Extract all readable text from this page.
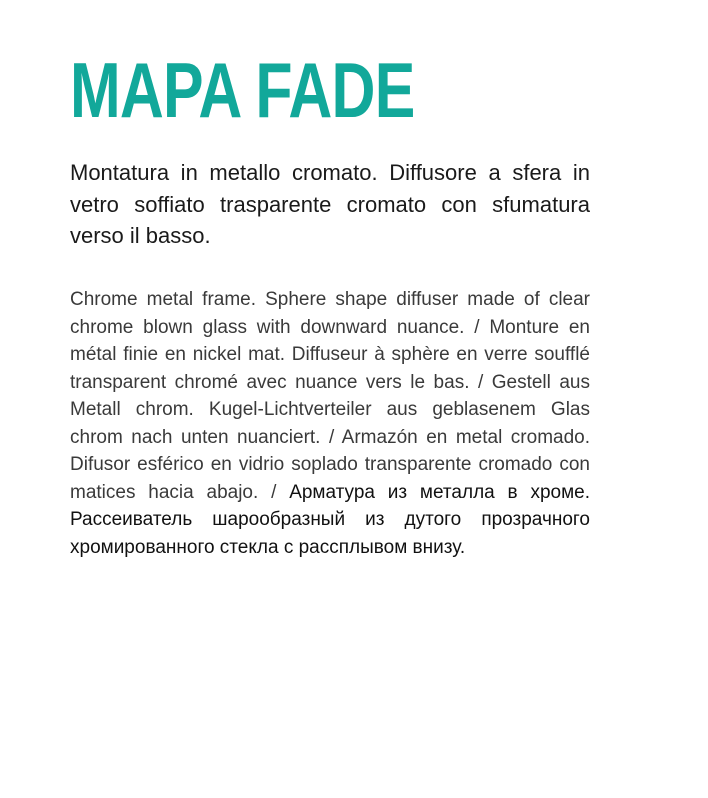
MAPA FADE

Montatura in metallo cromato. Diffusore a sfera in vetro soffiato trasparente cromato con sfumatura verso il basso.

Chrome metal frame. Sphere shape diffuser made of clear chrome blown glass with downward nuance. / Monture en métal finie en nickel mat. Diffuseur à sphère en verre soufflé transparent chromé avec nuance vers le bas. / Gestell aus Metall chrom. Kugel-Lichtverteiler aus geblasenem Glas chrom nach unten nuanciert. / Armazón en metal cromado. Difusor esférico en vidrio soplado transparente cromado con matices hacia abajo. / Арматура из металла в хроме. Рассеиватель шарообразный из дутого прозрачного хромированного стекла с расcплывом внизу.
